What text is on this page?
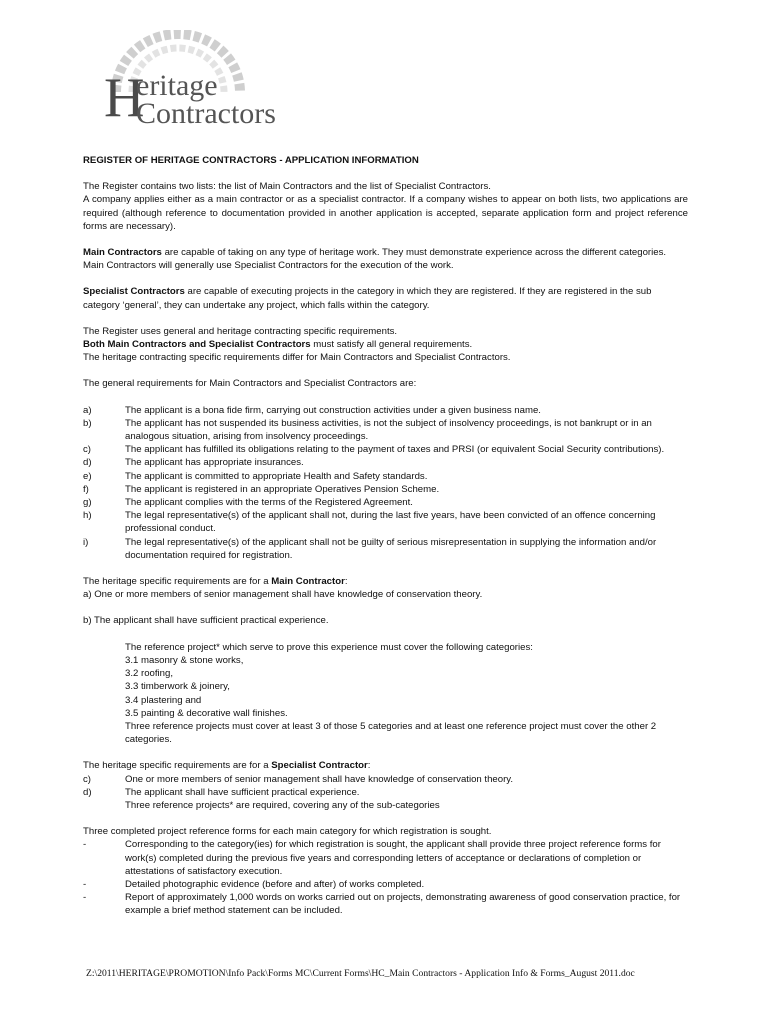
H
eritage
Contractors

REGISTER OF HERITAGE CONTRACTORS - APPLICATION INFORMATION

The Register contains two lists: the list of Main Contractors and the list of Specialist Contractors.

A company applies either as a main contractor or as a specialist contractor. If a company wishes to appear on both lists, two applications are required (although reference to documentation provided in another application is accepted, separate application form and project reference forms are necessary).

Main Contractors are capable of taking on any type of heritage work. They must demonstrate experience across the different categories.

Main Contractors will generally use Specialist Contractors for the execution of the work.

Specialist Contractors are capable of executing projects in the category in which they are registered. If they are registered in the sub category ‘general’, they can undertake any project, which falls within the category.

The Register uses general and heritage contracting specific requirements.

Both Main Contractors and Specialist Contractors must satisfy all general requirements.

The heritage contracting specific requirements differ for Main Contractors and Specialist Contractors.

The general requirements for Main Contractors and Specialist Contractors are:

a)	The applicant is a bona fide firm, carrying out construction activities under a given business name.
b)	The applicant has not suspended its business activities, is not the subject of insolvency proceedings, is not bankrupt or in an analogous situation, arising from insolvency proceedings.
c)	The applicant has fulfilled its obligations relating to the payment of taxes and PRSI (or equivalent Social Security contributions).
d)	The applicant has appropriate insurances.
e)	The applicant is committed to appropriate Health and Safety standards.
f)	The applicant is registered in an appropriate Operatives Pension Scheme.
g)	The applicant complies with the terms of the Registered Agreement.
h)	The legal representative(s) of the applicant shall not, during the last five years, have been convicted of an offence concerning professional conduct.
i)	The legal representative(s) of the applicant shall not be guilty of serious misrepresentation in supplying the information and/or documentation required for registration.

The heritage specific requirements are for a Main Contractor:

a) One or more members of senior management shall have knowledge of conservation theory.

b) The applicant shall have sufficient practical experience.

The reference project* which serve to prove this experience must cover the following categories:

3.1 masonry & stone works,

3.2 roofing,

3.3 timberwork & joinery,

3.4 plastering and

3.5 painting & decorative wall finishes.

Three reference projects must cover at least 3 of those 5 categories and at least one reference project must cover the other 2 categories.

The heritage specific requirements are for a Specialist Contractor:

c)	One or more members of senior management shall have knowledge of conservation theory.
d)	The applicant shall have sufficient practical experience.

Three reference projects* are required, covering any of the sub-categories

Three completed project reference forms for each main category for which registration is sought.

-	Corresponding to the category(ies) for which registration is sought, the applicant shall provide three project reference forms for work(s) completed during the previous five years and corresponding letters of acceptance or declarations of completion or attestations of satisfactory execution.
-	Detailed photographic evidence (before and after) of works completed.
-	Report of approximately 1,000 words on works carried out on projects, demonstrating awareness of good conservation practice, for example a brief method statement can be included.
Z:\2011\HERITAGE\PROMOTION\Info Pack\Forms MC\Current Forms\HC_Main Contractors - Application Info & Forms_August 2011.doc
